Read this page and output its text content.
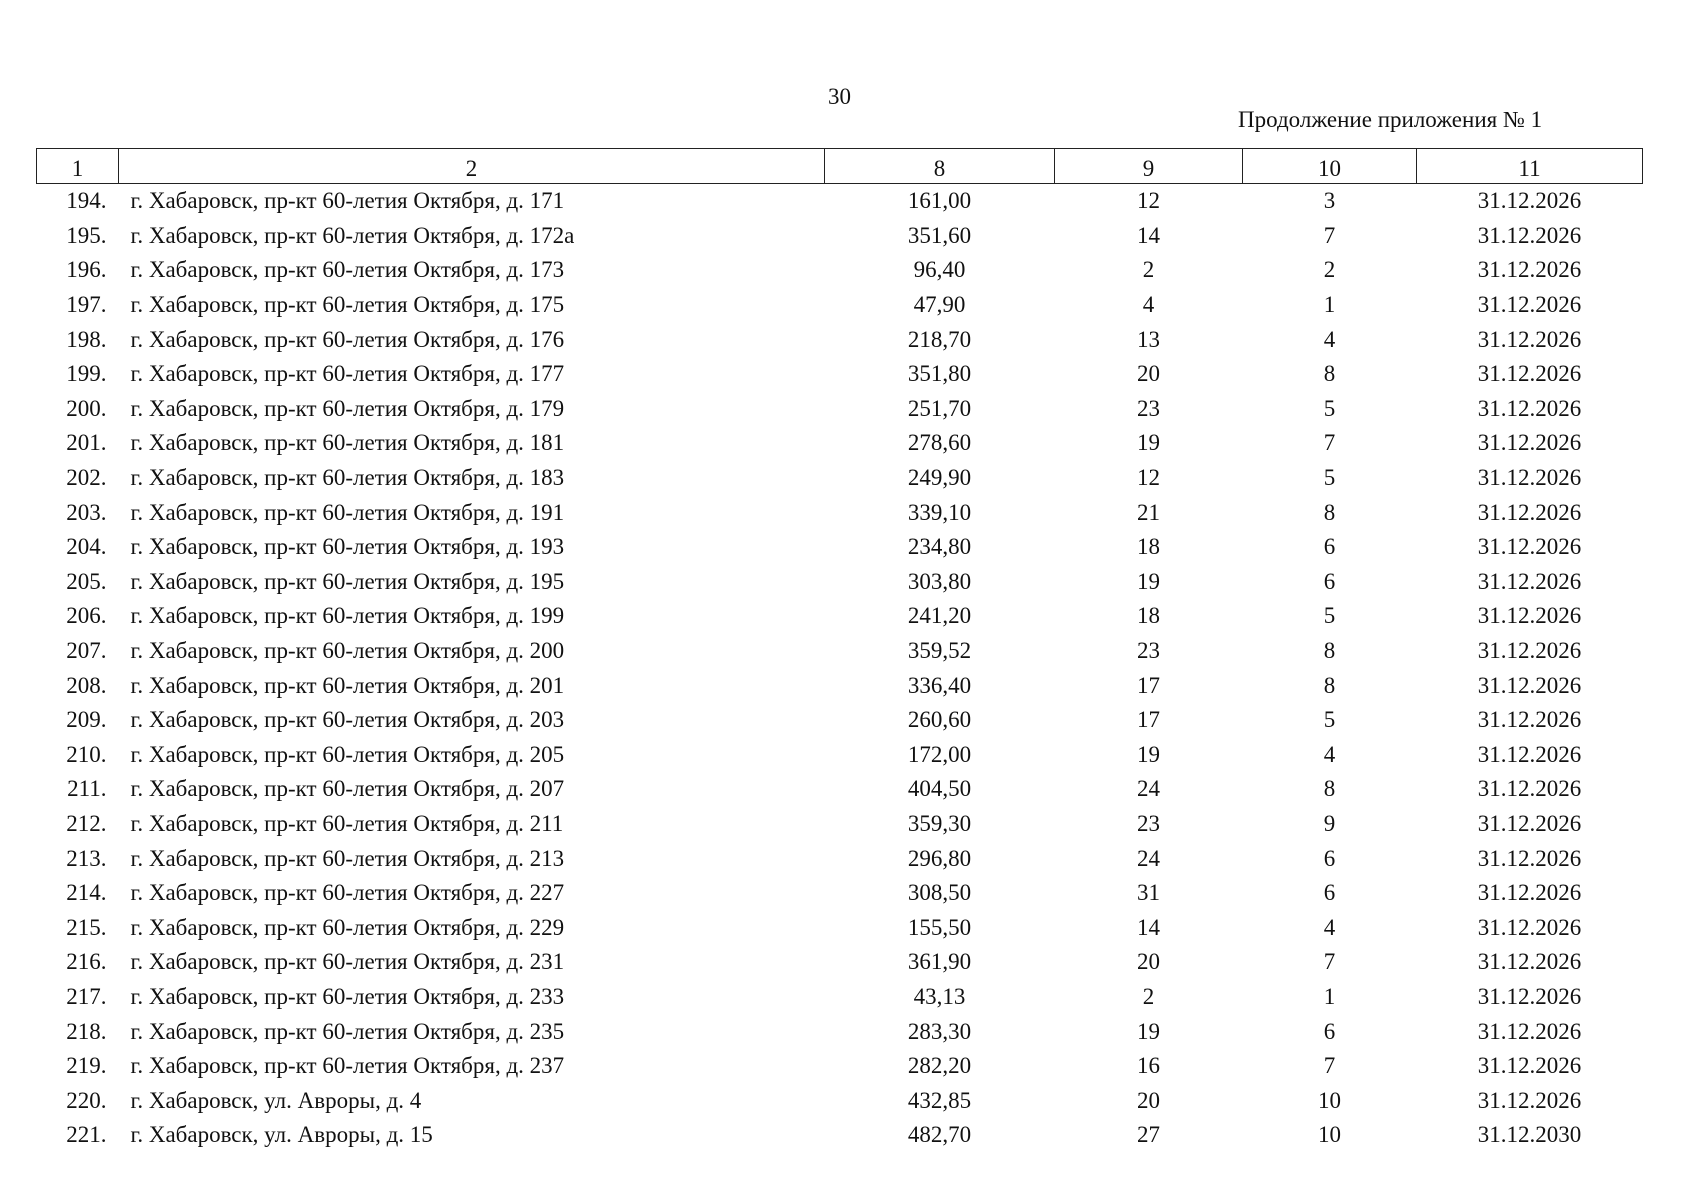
30
Продолжение приложения № 1
1	2	8	9	10	11
194.	г. Хабаровск, пр-кт 60-летия Октября, д. 171	161,00	12	3	31.12.2026
195.	г. Хабаровск, пр-кт 60-летия Октября, д. 172а	351,60	14	7	31.12.2026
196.	г. Хабаровск, пр-кт 60-летия Октября, д. 173	96,40	2	2	31.12.2026
197.	г. Хабаровск, пр-кт 60-летия Октября, д. 175	47,90	4	1	31.12.2026
198.	г. Хабаровск, пр-кт 60-летия Октября, д. 176	218,70	13	4	31.12.2026
199.	г. Хабаровск, пр-кт 60-летия Октября, д. 177	351,80	20	8	31.12.2026
200.	г. Хабаровск, пр-кт 60-летия Октября, д. 179	251,70	23	5	31.12.2026
201.	г. Хабаровск, пр-кт 60-летия Октября, д. 181	278,60	19	7	31.12.2026
202.	г. Хабаровск, пр-кт 60-летия Октября, д. 183	249,90	12	5	31.12.2026
203.	г. Хабаровск, пр-кт 60-летия Октября, д. 191	339,10	21	8	31.12.2026
204.	г. Хабаровск, пр-кт 60-летия Октября, д. 193	234,80	18	6	31.12.2026
205.	г. Хабаровск, пр-кт 60-летия Октября, д. 195	303,80	19	6	31.12.2026
206.	г. Хабаровск, пр-кт 60-летия Октября, д. 199	241,20	18	5	31.12.2026
207.	г. Хабаровск, пр-кт 60-летия Октября, д. 200	359,52	23	8	31.12.2026
208.	г. Хабаровск, пр-кт 60-летия Октября, д. 201	336,40	17	8	31.12.2026
209.	г. Хабаровск, пр-кт 60-летия Октября, д. 203	260,60	17	5	31.12.2026
210.	г. Хабаровск, пр-кт 60-летия Октября, д. 205	172,00	19	4	31.12.2026
211.	г. Хабаровск, пр-кт 60-летия Октября, д. 207	404,50	24	8	31.12.2026
212.	г. Хабаровск, пр-кт 60-летия Октября, д. 211	359,30	23	9	31.12.2026
213.	г. Хабаровск, пр-кт 60-летия Октября, д. 213	296,80	24	6	31.12.2026
214.	г. Хабаровск, пр-кт 60-летия Октября, д. 227	308,50	31	6	31.12.2026
215.	г. Хабаровск, пр-кт 60-летия Октября, д. 229	155,50	14	4	31.12.2026
216.	г. Хабаровск, пр-кт 60-летия Октября, д. 231	361,90	20	7	31.12.2026
217.	г. Хабаровск, пр-кт 60-летия Октября, д. 233	43,13	2	1	31.12.2026
218.	г. Хабаровск, пр-кт 60-летия Октября, д. 235	283,30	19	6	31.12.2026
219.	г. Хабаровск, пр-кт 60-летия Октября, д. 237	282,20	16	7	31.12.2026
220.	г. Хабаровск, ул. Авроры, д. 4	432,85	20	10	31.12.2026
221.	г. Хабаровск, ул. Авроры, д. 15	482,70	27	10	31.12.2030
